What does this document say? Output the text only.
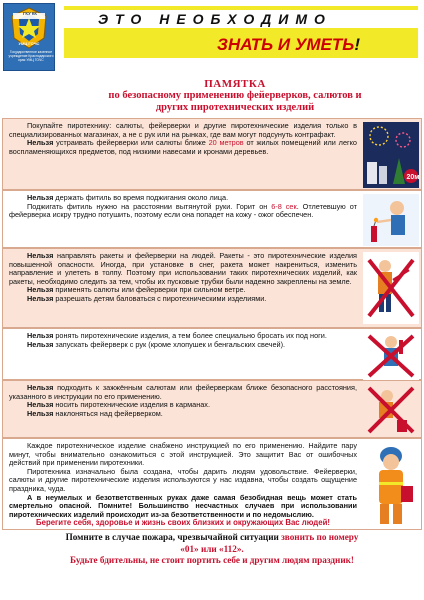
ГКУ КК
УМЦ ГОЧС
Государственное казенное учреждение Краснодарского края УМЦ ГОЧС
ЭТО НЕОБХОДИМО
ЗНАТЬ И УМЕТЬ!
ПАМЯТКА
по безопасному применению фейерверков, салютов и
других пиротехнических изделий

Покупайте пиротехнику: салюты, фейерверки и другие пиротехнические изделия только в специализированных магазинах, а не с рук или на рынках, где вам могут подсунуть контрафакт.

Нельзя устраивать фейерверки или салюты ближе 20 метров от жилых помещений или легко воспламеняющихся предметов, под низкими навесами и кронами деревьев.

20м

Нельзя держать фитиль во время поджигания около лица.

Поджигать фитиль нужно на расстоянии вытянутой руки. Горит он 6-8 сек. Отлетевшую от фейерверка искру трудно потушить, поэтому если она попадет на кожу - ожог обеспечен.

Нельзя направлять ракеты и фейерверки на людей. Ракеты - это пиротехнические изделия повышенной опасности. Иногда, при установке в снег, ракета может накрениться, изменить направление и улететь в толпу. Поэтому при использовании таких пиротехнических изделий, как ракеты, необходимо следить за тем, чтобы их пусковые трубки были надежно закреплены на земле.

Нельзя применять салюты или фейерверки при сильном ветре.

Нельзя разрешать детям баловаться с пиротехническими изделиями.

Нельзя ронять пиротехнические изделия, а тем более специально бросать их под ноги.

Нельзя запускать фейерверк с рук (кроме хлопушек и бенгальских свечей).

Нельзя подходить к зажжённым салютам или фейерверкам ближе безопасного расстояния, указанного в инструкции по его применению.

Нельзя носить пиротехнические изделия в карманах.

Нельзя наклоняться над фейерверком.

Каждое пиротехническое изделие снабжено инструкцией по его применению. Найдите пару минут, чтобы внимательно ознакомиться с этой инструкцией. Это защитит Вас от ошибочных действий при применении пиротехники.

Пиротехника изначально была создана, чтобы дарить людям удовольствие. Фейерверки, салюты и другие пиротехнические изделия используются у нас издавна, чтобы создать ощущение праздника, чуда.

А в неумелых и безответственных руках даже самая безобидная вещь может стать смертельно опасной. Помните! Большинство несчастных случаев при использовании пиротехнических изделий происходит из-за безответственности и по недомыслию.

Берегите себя, здоровье и жизнь своих близких и окружающих Вас людей!

Помните в случае пожара, чрезвычайной ситуации звонить по номеру
«01» или «112».
Будьте бдительны, не стоит портить себе и другим людям праздник!
